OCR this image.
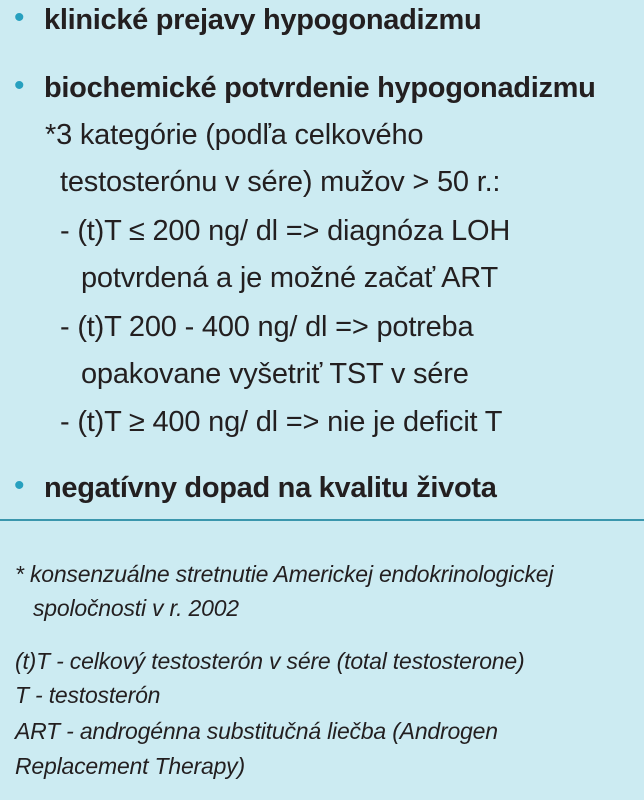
• klinické prejavy hypogonadizmu
• biochemické potvrdenie hypogonadizmu
*3 kategórie (podľa celkového
testosterónu v sére) mužov > 50 r.:
- (t)T ≤ 200 ng/ dl => diagnóza LOH
potvrdená a je možné začať ART
- (t)T 200 - 400 ng/ dl => potreba
opakovane vyšetriť TST v sére
- (t)T ≥ 400 ng/ dl => nie je deficit T
• negatívny dopad na kvalitu života
* konsenzuálne stretnutie Americkej endokrinologickej
spoločnosti v r. 2002
(t)T - celkový testosterón v sére (total testosterone)
T - testosterón
ART - androgénna substitučná liečba (Androgen
Replacement Therapy)
